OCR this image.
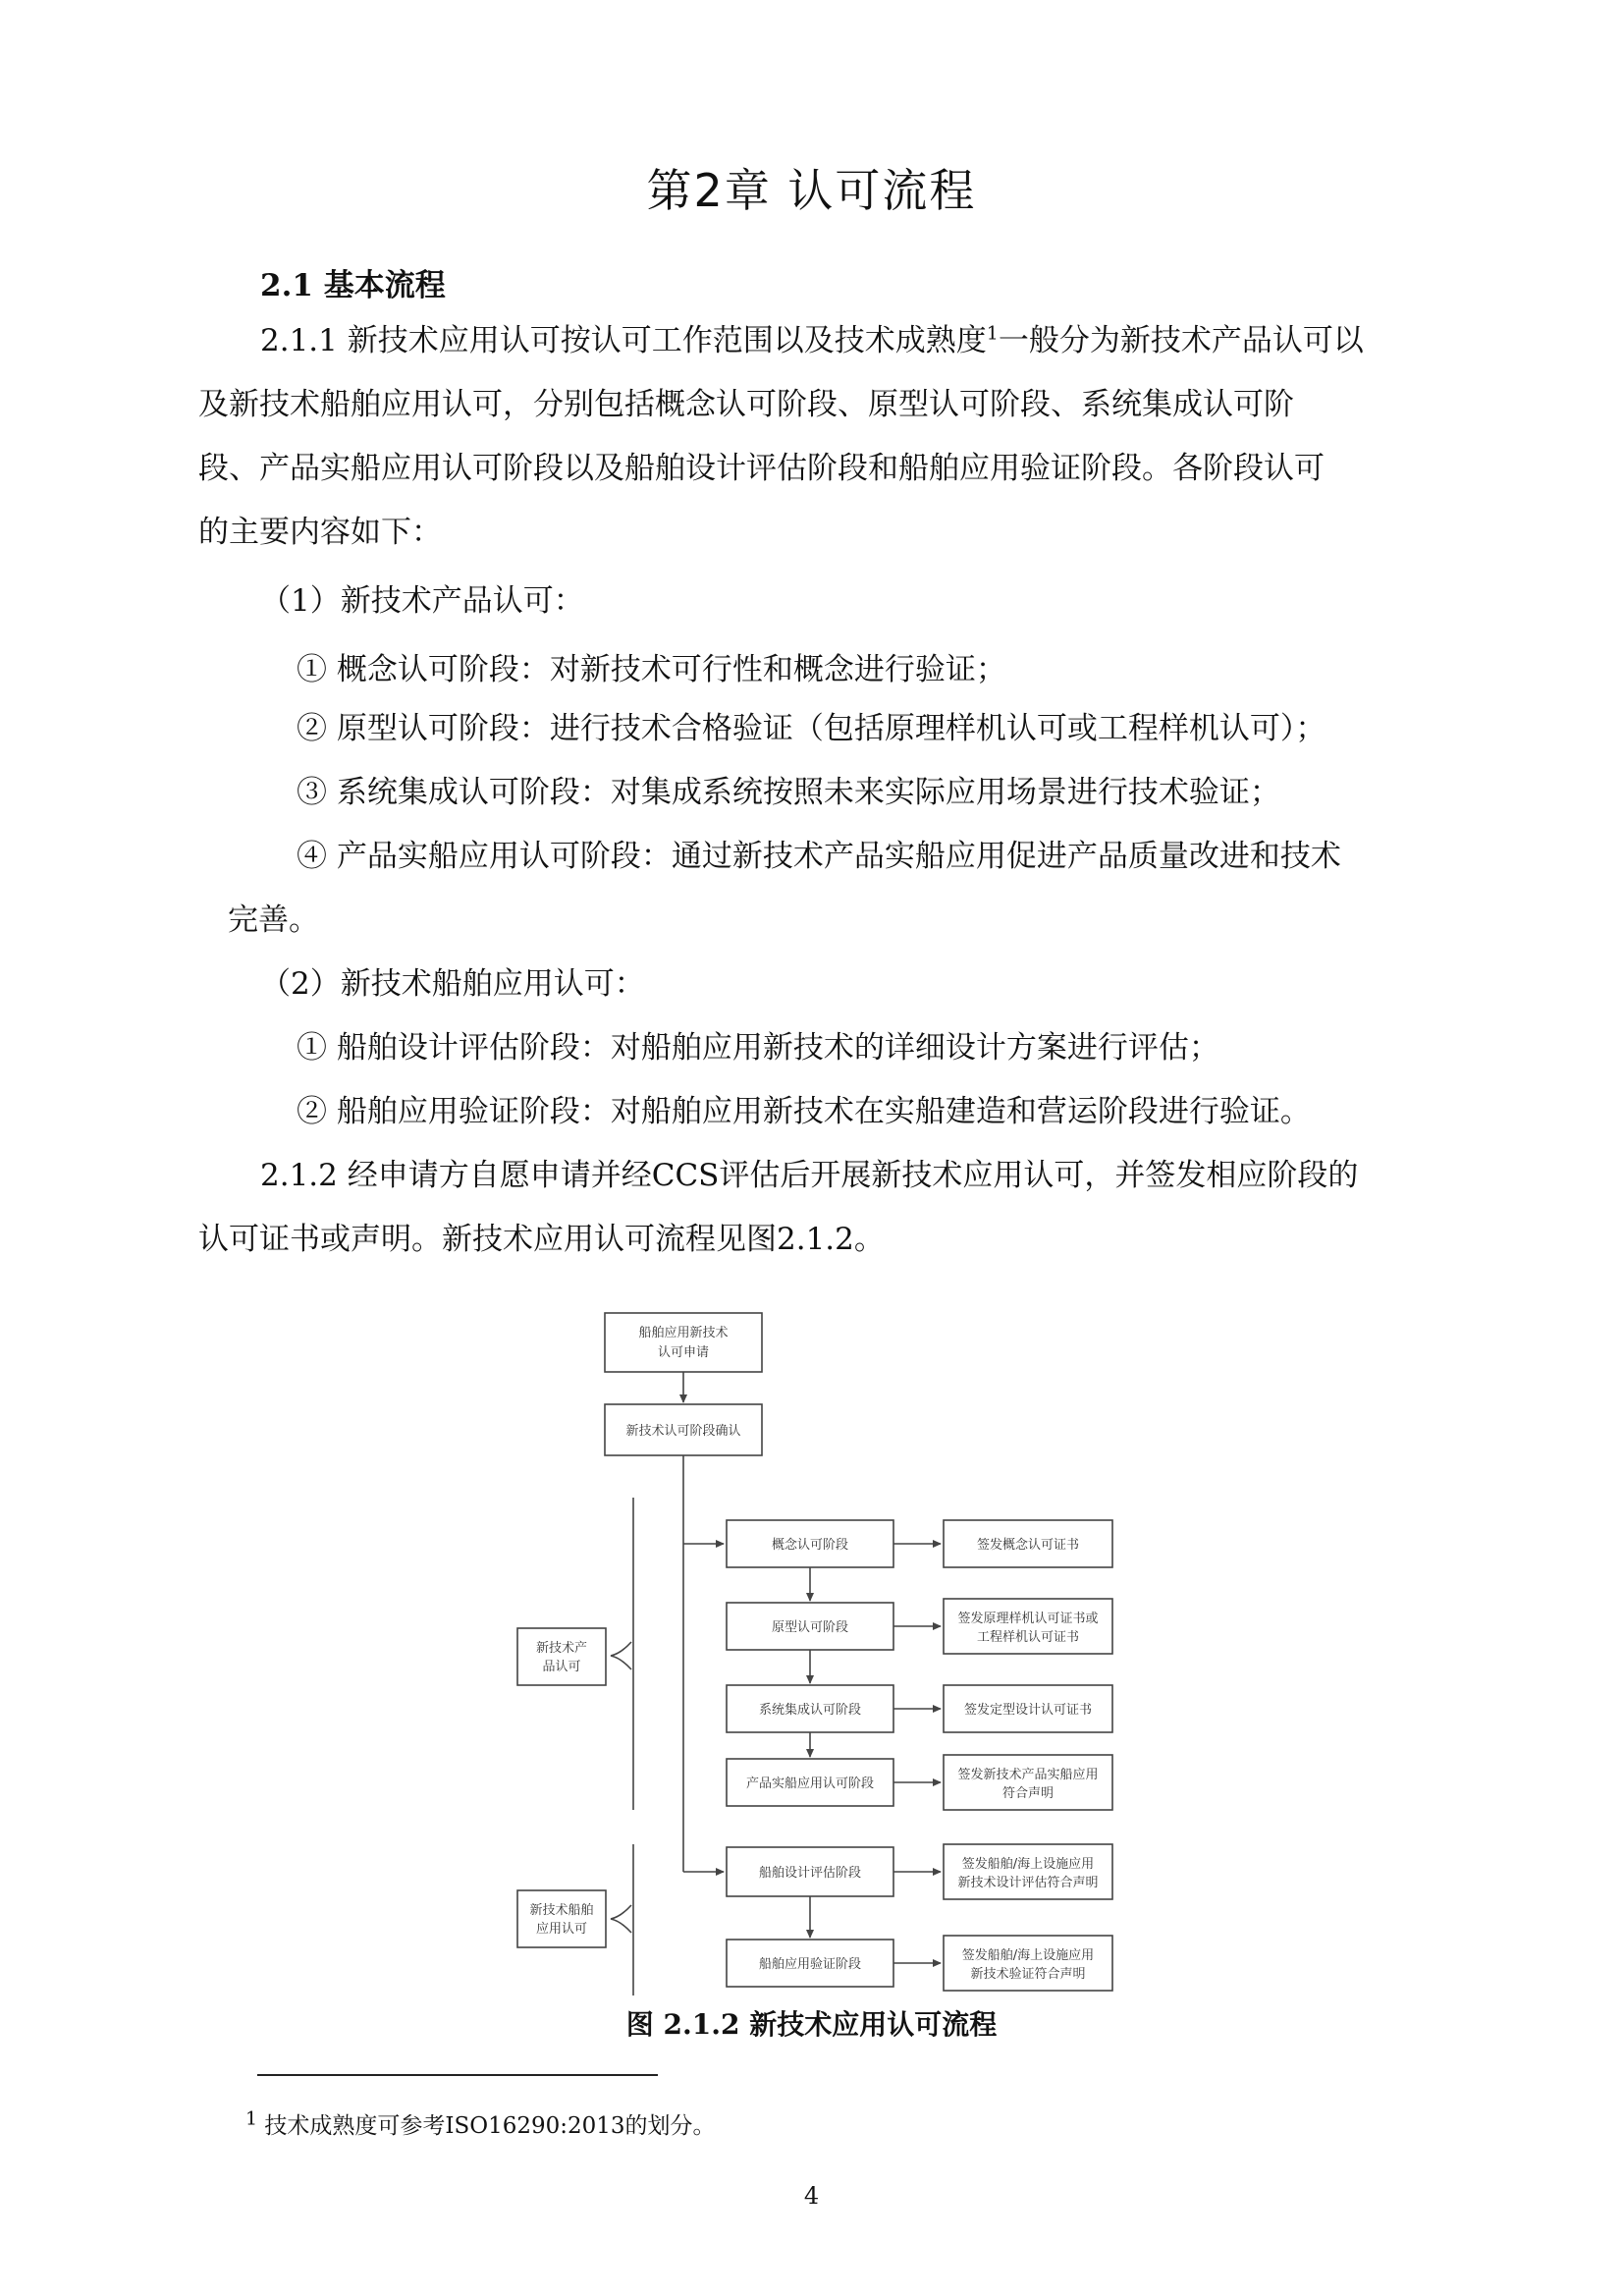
第2章 认可流程
2.1 基本流程
2.1.1 新技术应用认可按认可工作范围以及技术成熟度$^1$一般分为新技术产品认可以
及新技术船舶应用认可，分别包括概念认可阶段、原型认可阶段、系统集成认可阶
段、产品实船应用认可阶段以及船舶设计评估阶段和船舶应用验证阶段。各阶段认可
的主要内容如下：
（1）新技术产品认可：
① 概念认可阶段：对新技术可行性和概念进行验证；
② 原型认可阶段：进行技术合格验证（包括原理样机认可或工程样机认可）；
③ 系统集成认可阶段：对集成系统按照未来实际应用场景进行技术验证；
④ 产品实船应用认可阶段：通过新技术产品实船应用促进产品质量改进和技术
完善。
（2）新技术船舶应用认可：
① 船舶设计评估阶段：对船舶应用新技术的详细设计方案进行评估；
② 船舶应用验证阶段：对船舶应用新技术在实船建造和营运阶段进行验证。
2.1.2 经申请方自愿申请并经CCS评估后开展新技术应用认可，并签发相应阶段的
认可证书或声明。新技术应用认可流程见图2.1.2。
船舶应用新技术
认可申请
新技术认可阶段确认
概念认可阶段
原型认可阶段
系统集成认可阶段
产品实船应用认可阶段
船舶设计评估阶段
船舶应用验证阶段
签发概念认可证书
签发原理样机认可证书或
工程样机认可证书
签发定型设计认可证书
签发新技术产品实船应用
符合声明
签发船舶/海上设施应用
新技术设计评估符合声明
签发船舶/海上设施应用
新技术验证符合声明
新技术产
品认可
新技术船舶
应用认可
图 2.1.2 新技术应用认可流程
$^1$ 技术成熟度可参考ISO16290:2013的划分。
4
